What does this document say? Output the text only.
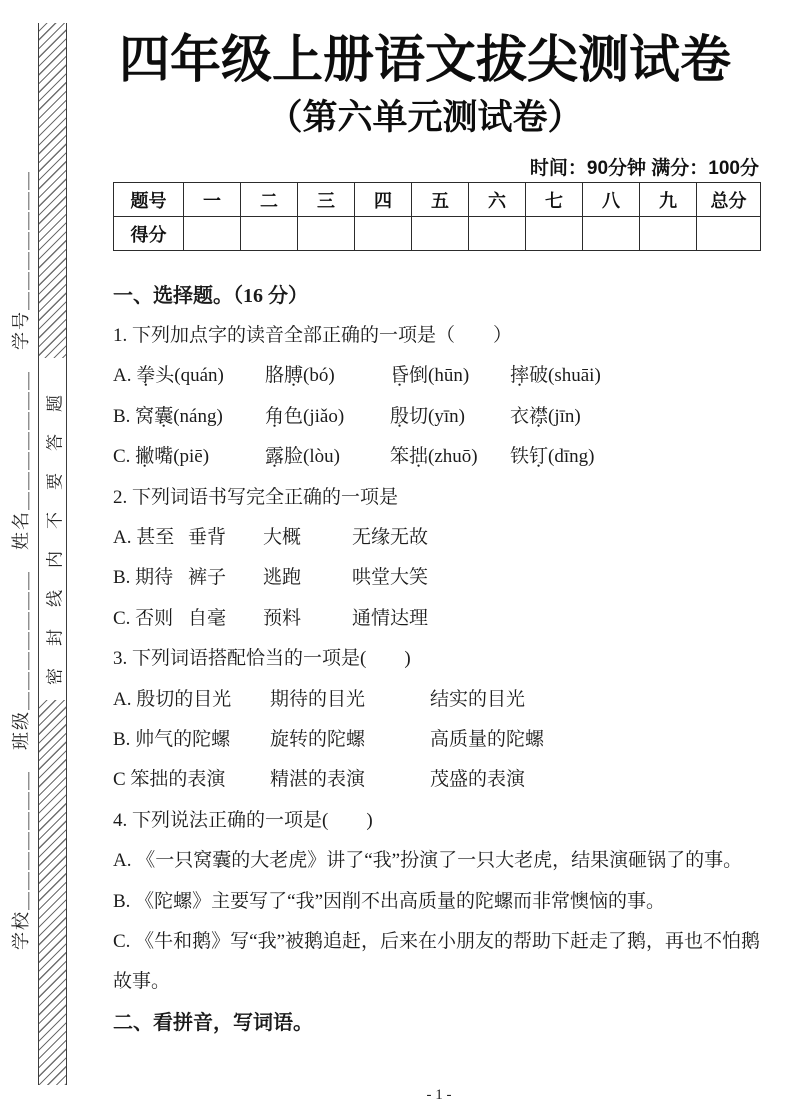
学校＿＿＿＿＿＿＿　班级＿＿＿＿＿＿＿　姓名＿＿＿＿＿＿＿　学号＿＿＿＿＿＿＿ 密封线内不要答题
四年级上册语文拔尖测试卷
（第六单元测试卷）
时间：90分钟 满分：100分
题号	一	二	三	四	五	六	七	八	九	总分
得分										
一、选择题。（16 分）
1. 下列加点字的读音全部正确的一项是（　　）
A. 拳头(quán)	胳膊(bó)	昏倒(hūn)	摔破(shuāi)
B. 窝囊(náng)	角色(jiǎo)	殷切(yīn)	衣襟(jīn)
C. 撇嘴(piē)	露脸(lòu)	笨拙(zhuō)	铁钉(dīng)
2. 下列词语书写完全正确的一项是
A. 甚至 垂背	大概	无缘无故
B. 期待 裤子	逃跑	哄堂大笑
C. 否则 自毫	预料	通情达理
3. 下列词语搭配恰当的一项是(　　)
A. 殷切的目光	期待的目光	结实的目光
B. 帅气的陀螺	旋转的陀螺	高质量的陀螺
C 笨拙的表演	精湛的表演	茂盛的表演
4. 下列说法正确的一项是(　　)
A. 《一只窝囊的大老虎》讲了“我”扮演了一只大老虎，结果演砸锅了的事。
B. 《陀螺》主要写了“我”因削不出高质量的陀螺而非常懊恼的事。
C. 《牛和鹅》写“我”被鹅追赶，后来在小朋友的帮助下赶走了鹅，再也不怕鹅
故事。
二、看拼音，写词语。
- 1 -
